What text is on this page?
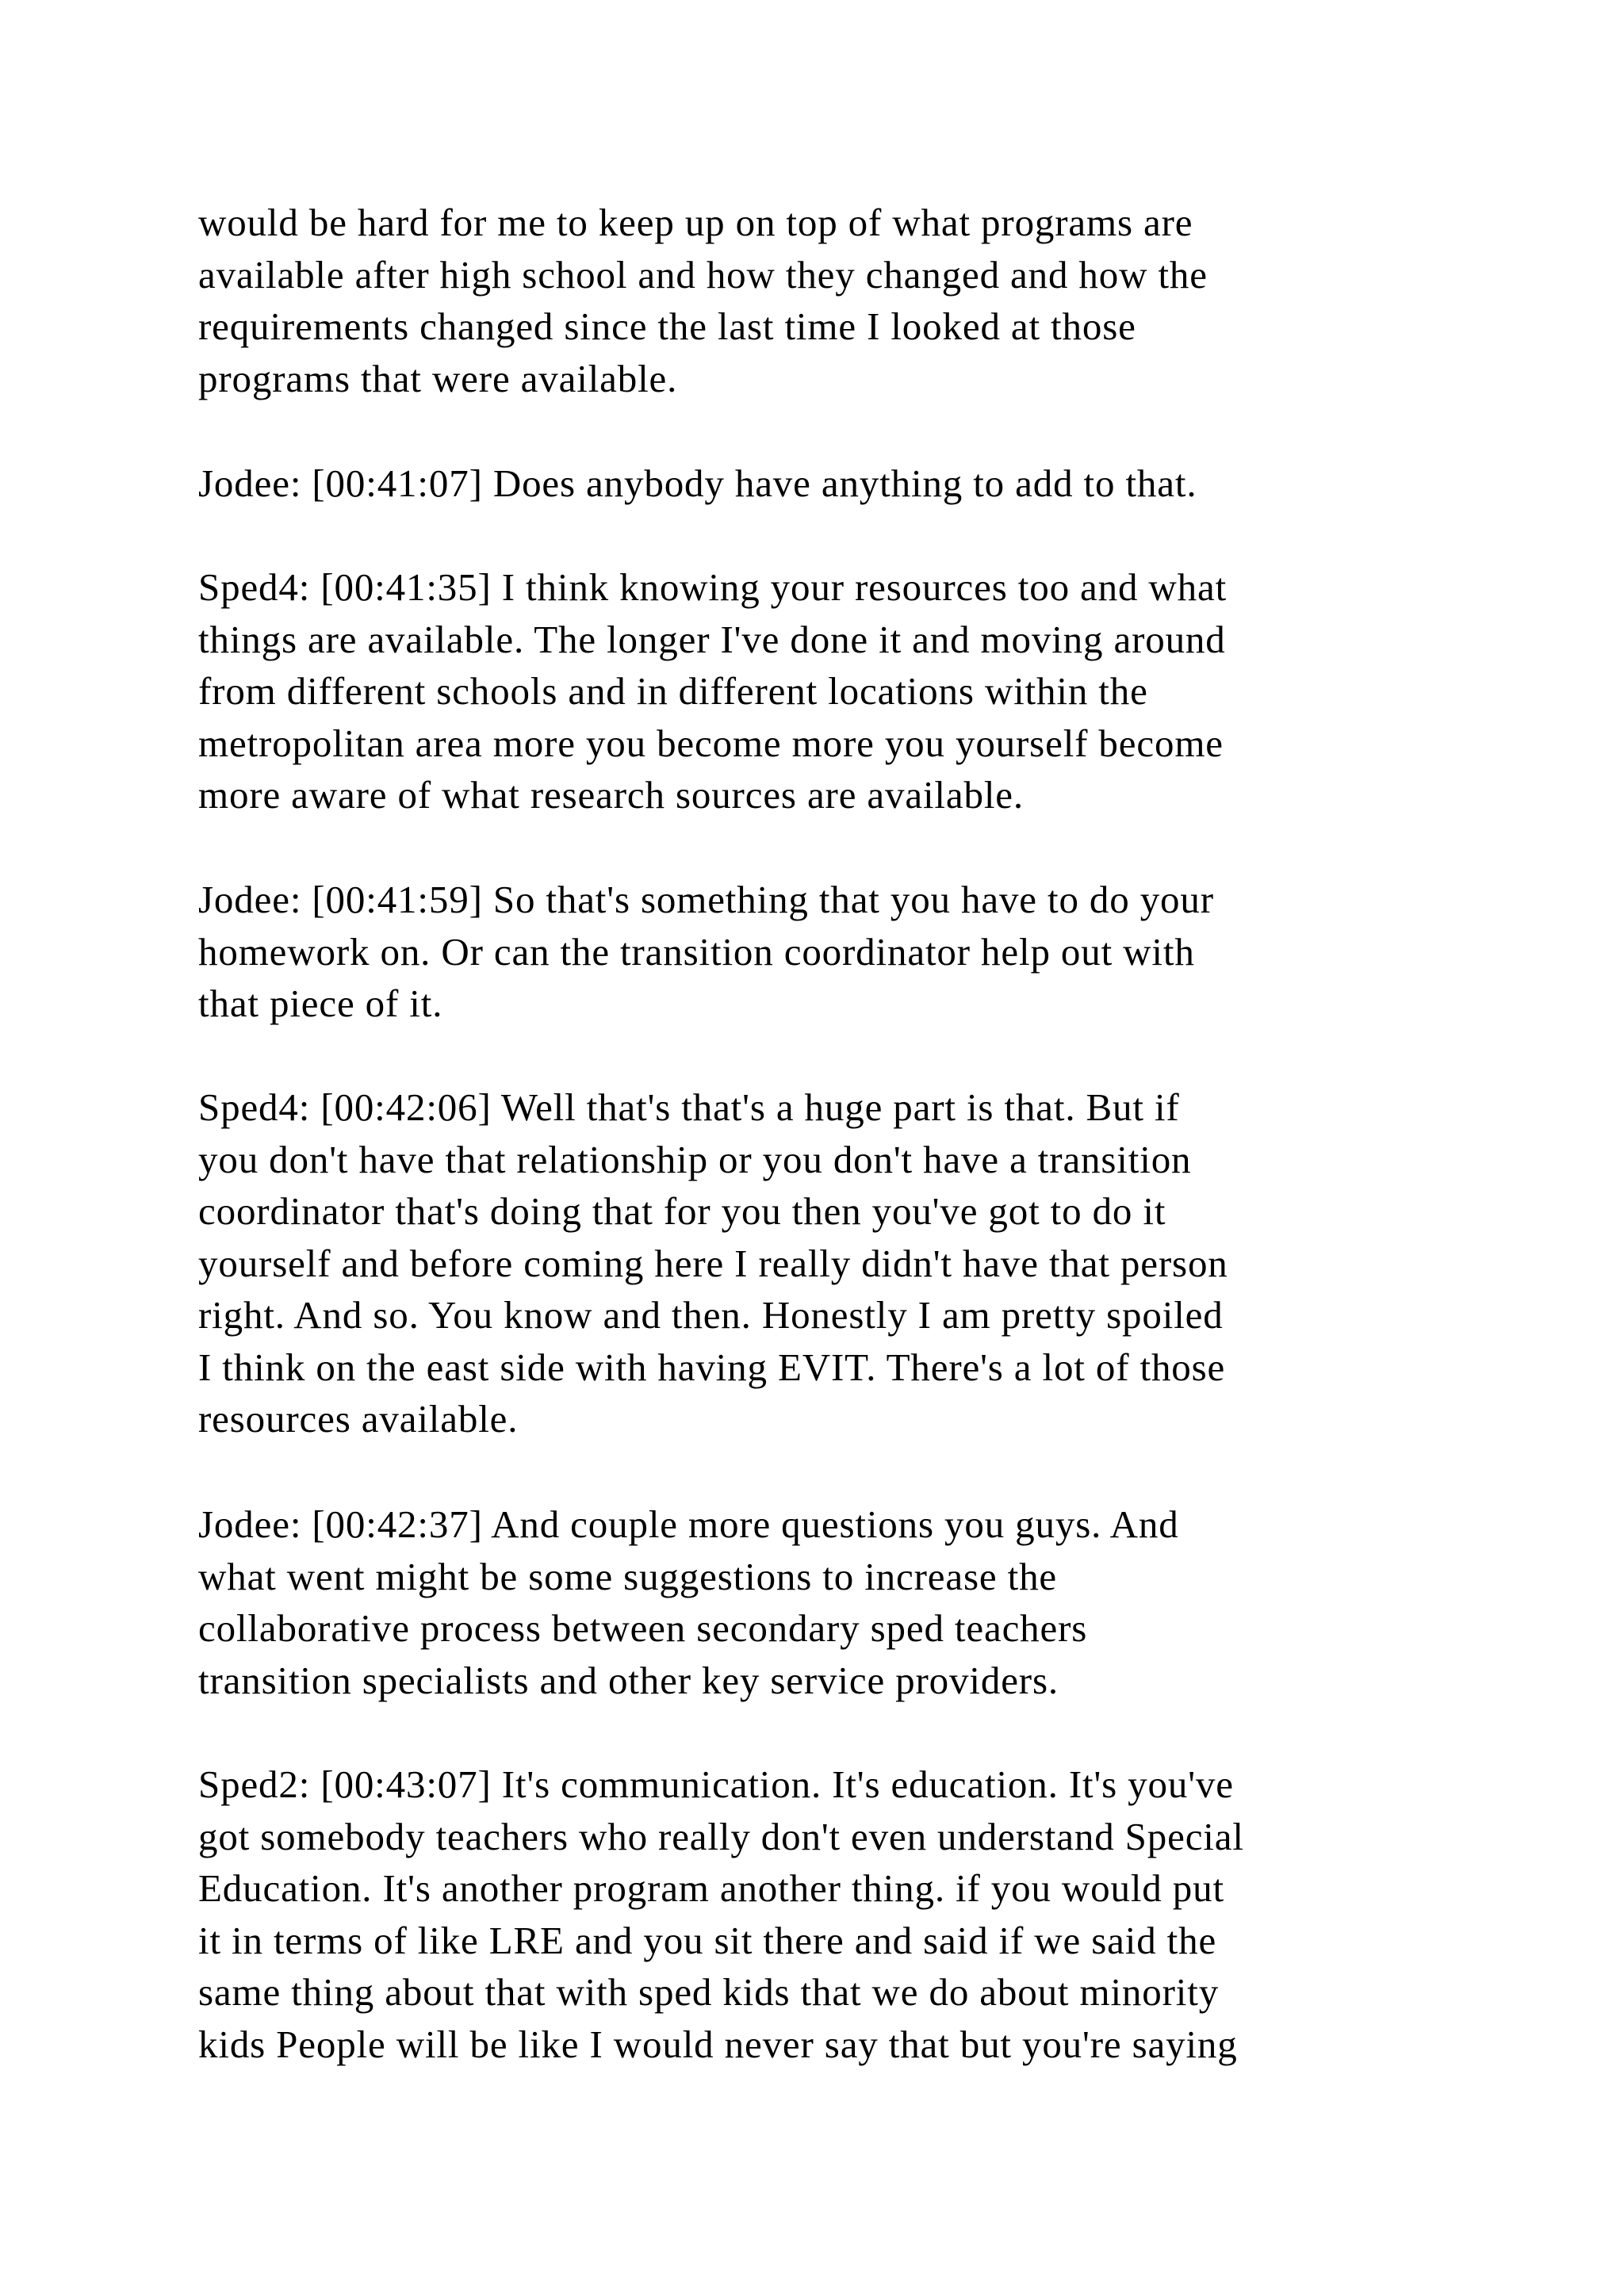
would be hard for me to keep up on top of what programs are
available after high school and how they changed and how the
requirements changed since the last time I looked at those
programs that were available.
Jodee: [00:41:07] Does anybody have anything to add to that.
Sped4: [00:41:35] I think knowing your resources too and what
things are available. The longer I've done it and moving around
from different schools and in different locations within the
metropolitan area more you become more you yourself become
more aware of what research sources are available.
Jodee: [00:41:59] So that's something that you have to do your
homework on. Or can the transition coordinator help out with
that piece of it.
Sped4: [00:42:06] Well that's that's a huge part is that. But if
you don't have that relationship or you don't have a transition
coordinator that's doing that for you then you've got to do it
yourself and before coming here I really didn't have that person
right. And so. You know and then. Honestly I am pretty spoiled
I think on the east side with having EVIT. There's a lot of those
resources available.
Jodee: [00:42:37] And couple more questions you guys. And
what went might be some suggestions to increase the
collaborative process between secondary sped teachers
transition specialists and other key service providers.
Sped2: [00:43:07] It's communication. It's education. It's you've
got somebody teachers who really don't even understand Special
Education. It's another program another thing. if you would put
it in terms of like LRE and you sit there and said if we said the
same thing about that with sped kids that we do about minority
kids People will be like I would never say that but you're saying
